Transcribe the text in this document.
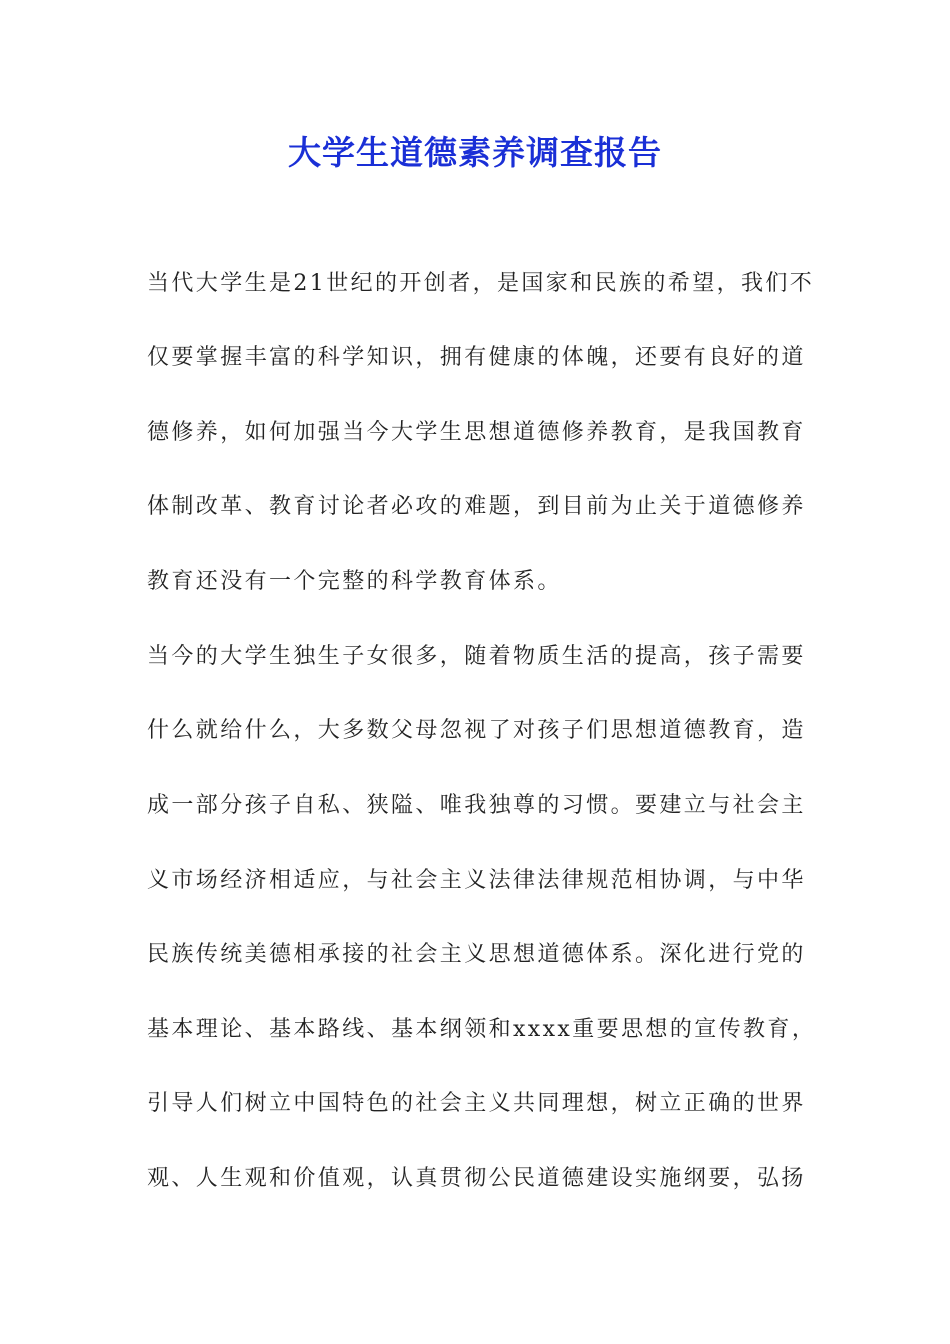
大学生道德素养调查报告
当代大学生是21世纪的开创者，是国家和民族的希望，我们不
仅要掌握丰富的科学知识，拥有健康的体魄，还要有良好的道
德修养，如何加强当今大学生思想道德修养教育，是我国教育
体制改革、教育讨论者必攻的难题，到目前为止关于道德修养
教育还没有一个完整的科学教育体系。
当今的大学生独生子女很多，随着物质生活的提高，孩子需要
什么就给什么，大多数父母忽视了对孩子们思想道德教育，造
成一部分孩子自私、狭隘、唯我独尊的习惯。要建立与社会主
义市场经济相适应，与社会主义法律法律规范相协调，与中华
民族传统美德相承接的社会主义思想道德体系。深化进行党的
基本理论、基本路线、基本纲领和xxxx重要思想的宣传教育，
引导人们树立中国特色的社会主义共同理想，树立正确的世界
观、人生观和价值观，认真贯彻公民道德建设实施纲要，弘扬
